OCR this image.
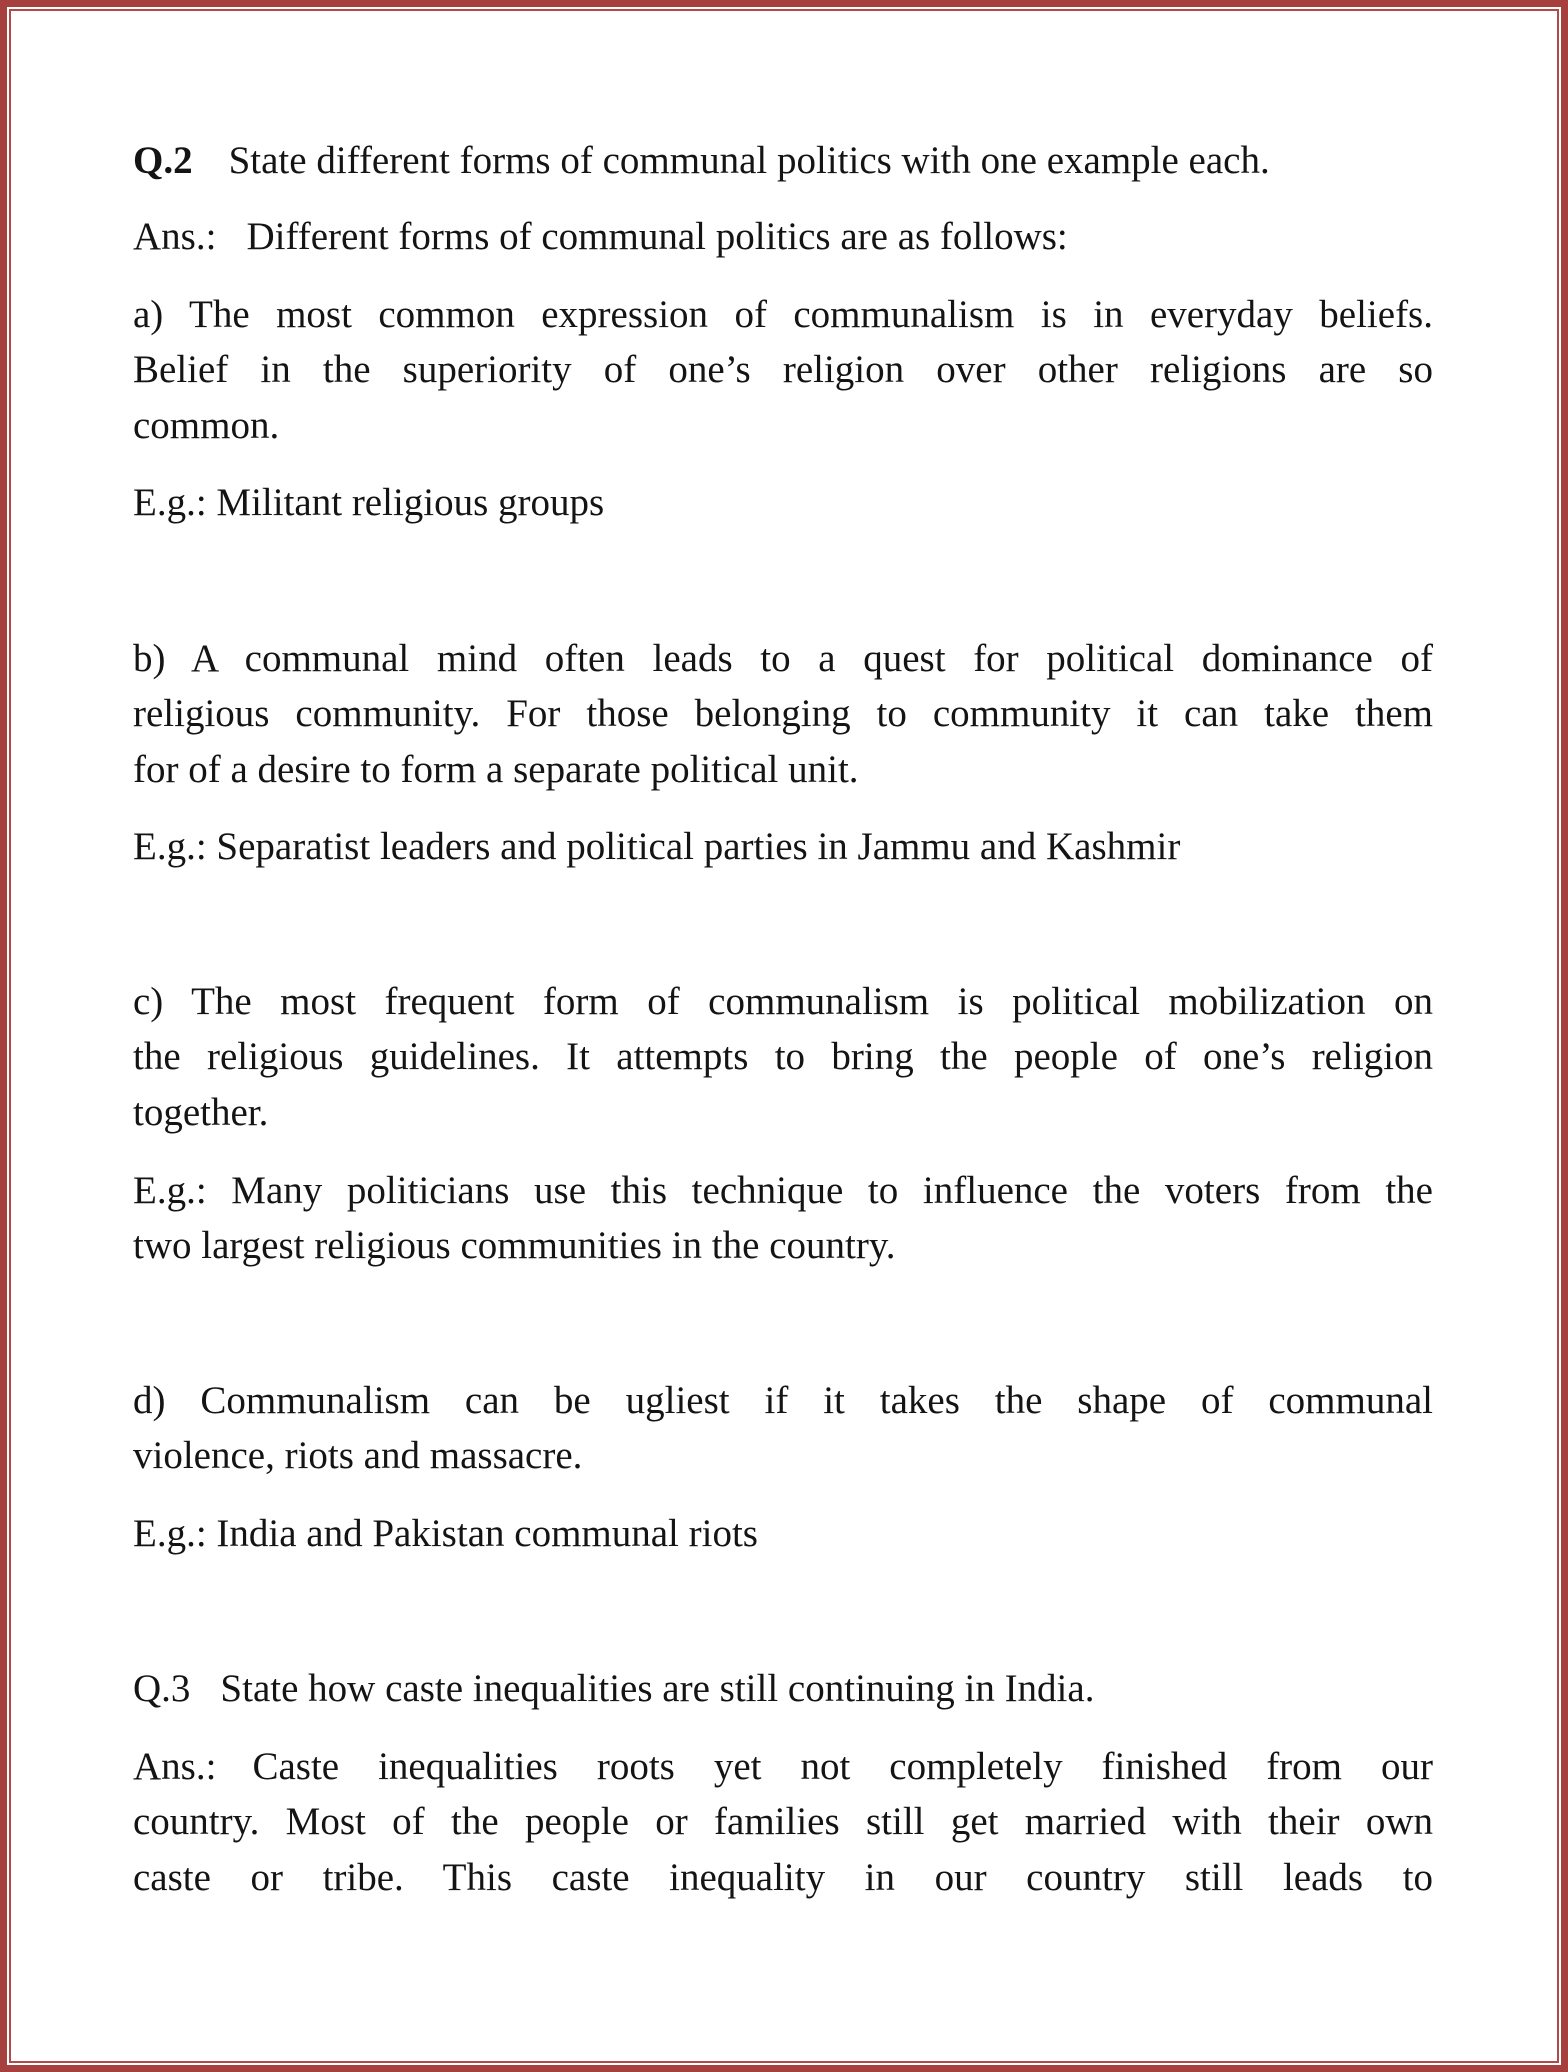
Q.2 State different forms of communal politics with one example each.
Ans.: Different forms of communal politics are as follows:
a) The most common expression of communalism is in everyday beliefs.
Belief in the superiority of one’s religion over other religions are so
common.
E.g.: Militant religious groups
b) A communal mind often leads to a quest for political dominance of
religious community. For those belonging to community it can take them
for of a desire to form a separate political unit.
E.g.: Separatist leaders and political parties in Jammu and Kashmir
c) The most frequent form of communalism is political mobilization on
the religious guidelines. It attempts to bring the people of one’s religion
together.
E.g.: Many politicians use this technique to influence the voters from the
two largest religious communities in the country.
d) Communalism can be ugliest if it takes the shape of communal
violence, riots and massacre.
E.g.: India and Pakistan communal riots
Q.3 State how caste inequalities are still continuing in India.
Ans.: Caste inequalities roots yet not completely finished from our
country. Most of the people or families still get married with their own
caste or tribe. This caste inequality in our country still leads to
